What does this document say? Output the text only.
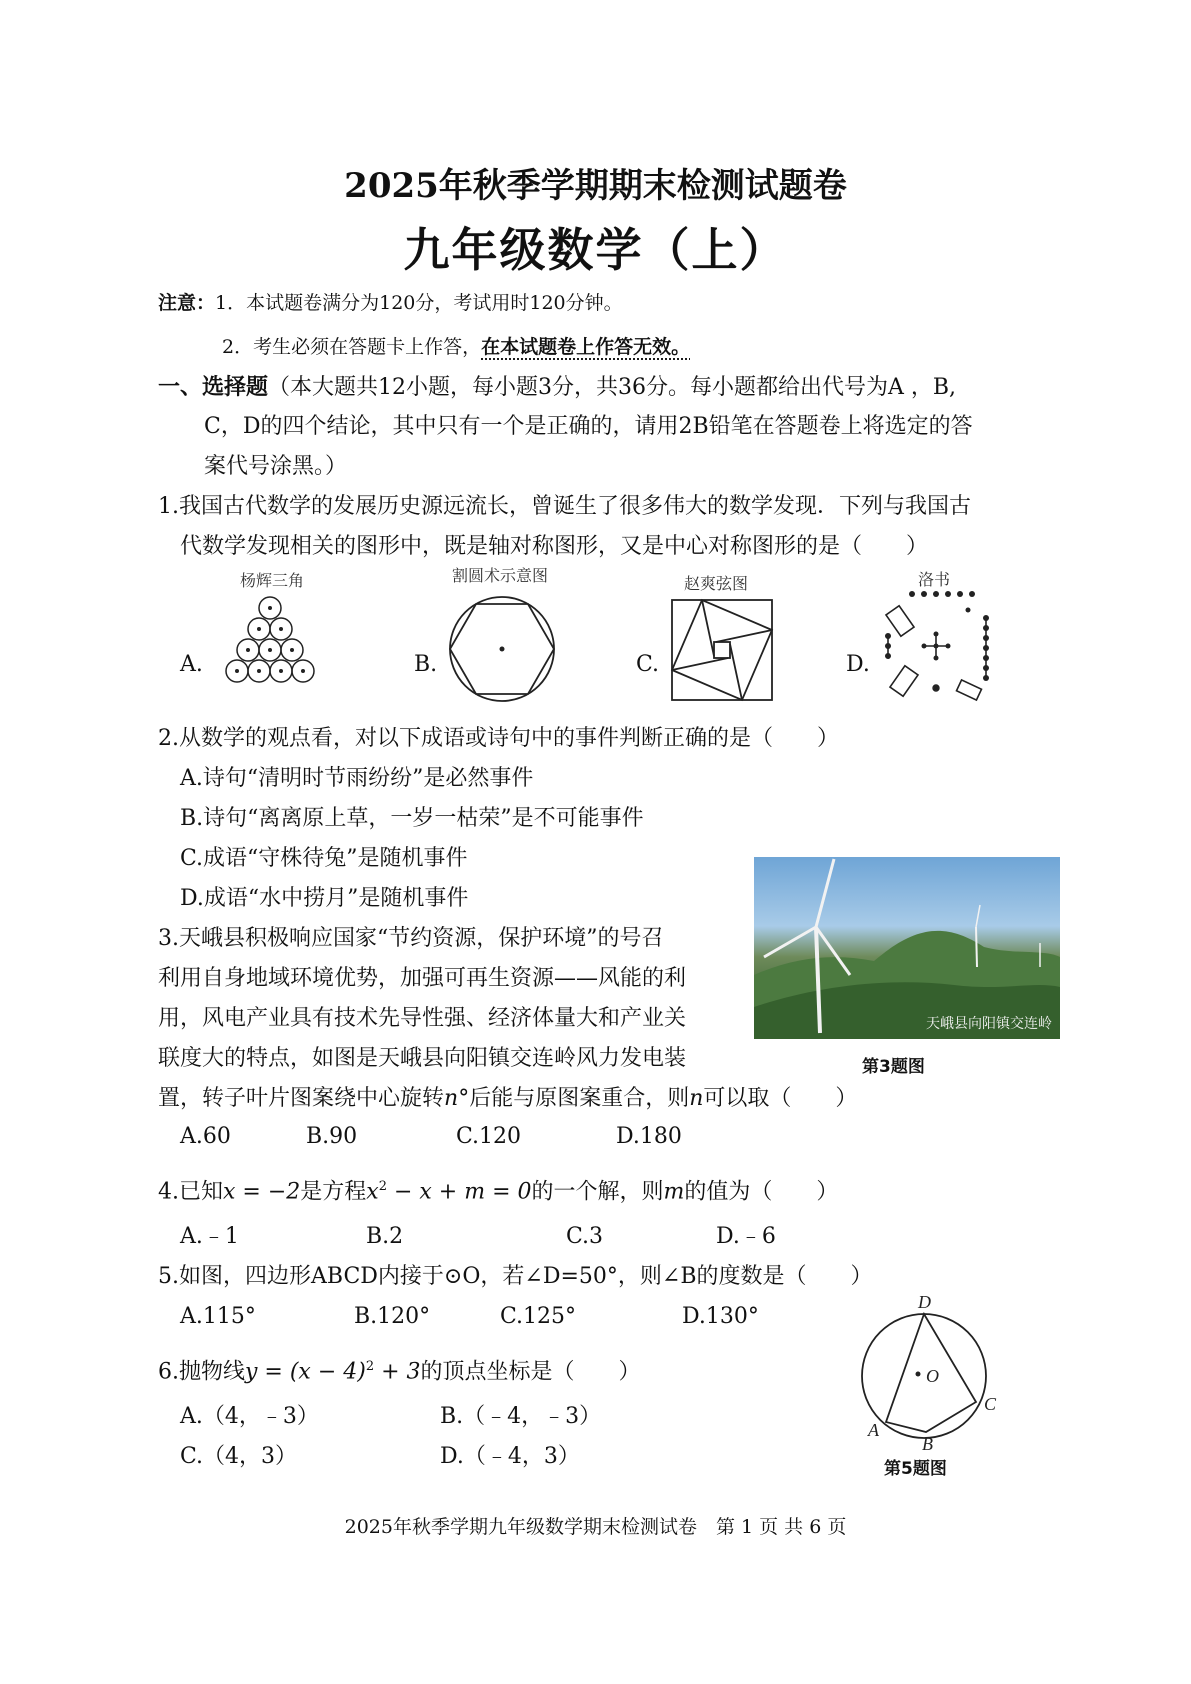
2025年秋季学期期末检测试题卷
九年级数学（上）
注意：1．本试题卷满分为120分，考试用时120分钟。
2．考生必须在答题卡上作答，在本试题卷上作答无效。
一、选择题（本大题共12小题，每小题3分，共36分。每小题都给出代号为A ，B,
C，D的四个结论，其中只有一个是正确的，请用2B铅笔在答题卷上将选定的答
案代号涂黑。）
1.我国古代数学的发展历史源远流长，曾诞生了很多伟大的数学发现．下列与我国古
代数学发现相关的图形中，既是轴对称图形，又是中心对称图形的是（　　）
杨辉三角
A.
割圆术示意图
B.
赵爽弦图
C.
洛书
D.
2.从数学的观点看，对以下成语或诗句中的事件判断正确的是（　　）
A.诗句“清明时节雨纷纷”是必然事件
B.诗句“离离原上草，一岁一枯荣”是不可能事件
C.成语“守株待兔”是随机事件
D.成语“水中捞月”是随机事件
天峨县向阳镇交连岭
第3题图
3.天峨县积极响应国家“节约资源，保护环境”的号召
利用自身地域环境优势，加强可再生资源——风能的利
用，风电产业具有技术先导性强、经济体量大和产业关
联度大的特点，如图是天峨县向阳镇交连岭风力发电装
置，转子叶片图案绕中心旋转n°后能与原图案重合，则n可以取（　　）
A.60	B.90	C.120	D.180
4.已知x = −2是方程$x^2 - x + m = 0$的一个解，则m的值为（　　）
A.﹣1	B.2	C.3	D.﹣6
5.如图，四边形ABCD内接于⊙O，若∠D=50°，则∠B的度数是（　　）
A.115°	B.120°	C.125°	D.130°
O
D
C
A
B
第5题图
6.抛物线$y = (x - 4)^2 + 3$的顶点坐标是（　　）
A.（4，﹣3）	B.（﹣4，﹣3）
C.（4，3）	D.（﹣4，3）
2025年秋季学期九年级数学期末检测试卷　第 1 页 共 6 页
